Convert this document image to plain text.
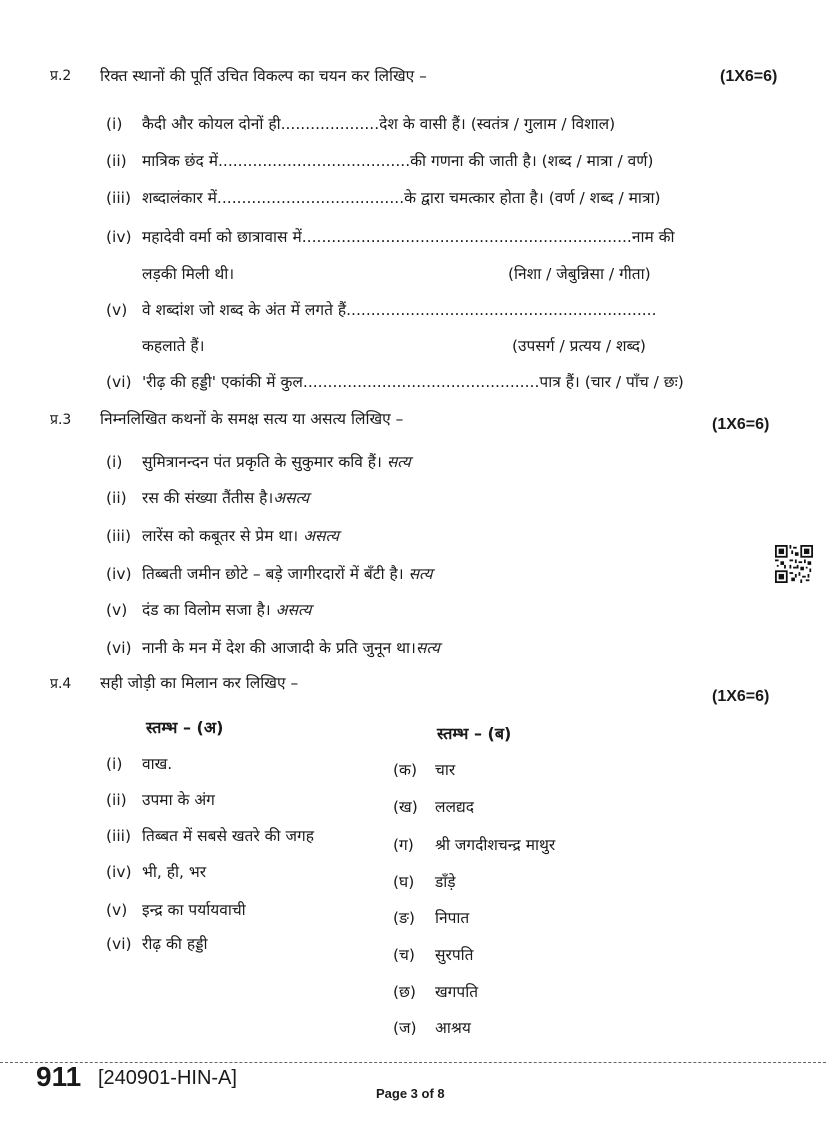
प्र.2 रिक्त स्थानों की पूर्ति उचित विकल्प का चयन कर लिखिए –	(1X6=6)
(i) कैदी और कोयल दोनों ही....................देश के वासी हैं। (स्वतंत्र / गुलाम / विशाल)
(ii) मात्रिक छंद में.......................................की गणना की जाती है। (शब्द / मात्रा / वर्ण)
(iii) शब्दालंकार में......................................के द्वारा चमत्कार होता है। (वर्ण / शब्द / मात्रा)
(iv) महादेवी वर्मा को छात्रावास में...................................................................नाम की
लड़की मिली थी।	(निशा / जेबुन्निसा / गीता)
(v) वे शब्दांश जो शब्द के अंत में लगते हैं...............................................................
कहलाते हैं।	(उपसर्ग / प्रत्यय / शब्द)
(vi) 'रीढ़ की हड्डी' एकांकी में कुल................................................पात्र हैं। (चार / पाँच / छः)
प्र.3 निम्नलिखित कथनों के समक्ष सत्य या असत्य लिखिए –	(1X6=6)
(i) सुमित्रानन्दन पंत प्रकृति के सुकुमार कवि हैं। सत्य
(ii) रस की संख्या तैंतीस है।असत्य
(iii) लारेंस को कबूतर से प्रेम था। असत्य
(iv) तिब्बती जमीन छोटे – बड़े जागीरदारों में बँटी है। सत्य
(v) दंड का विलोम सजा है। असत्य
(vi) नानी के मन में देश की आजादी के प्रति जुनून था।सत्य
प्र.4 सही जोड़ी का मिलान कर लिखिए –
(1X6=6)
स्तम्भ – (अ)	स्तम्भ – (ब)
(i) वाख.
(ii) उपमा के अंग
(iii) तिब्बत में सबसे खतरे की जगह
(iv) भी, ही, भर
(v) इन्द्र का पर्यायवाची
(vi) रीढ़ की हड्डी
(क) चार
(ख) ललद्यद
(ग) श्री जगदीशचन्द्र माथुर
(घ) डाँड़े
(ङ) निपात
(च) सुरपति
(छ) खगपति
(ज) आश्रय
911 [240901-HIN-A]
Page 3 of 8
